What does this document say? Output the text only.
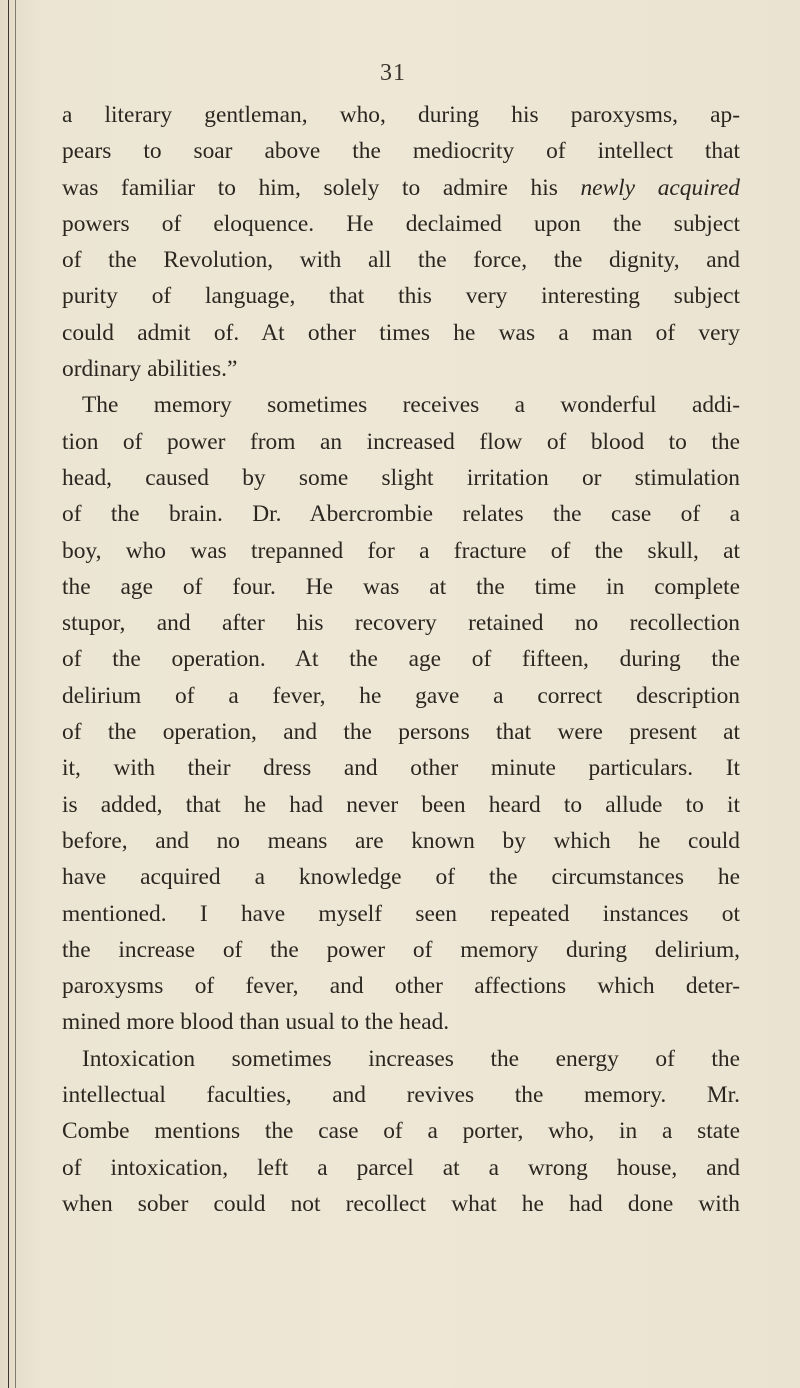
31
a literary gentleman, who, during his paroxysms, ap-
pears to soar above the mediocrity of intellect that
was familiar to him, solely to admire his newly acquired
powers of eloquence. He declaimed upon the subject
of the Revolution, with all the force, the dignity, and
purity of language, that this very interesting subject
could admit of. At other times he was a man of very
ordinary abilities.”
The memory sometimes receives a wonderful addi-
tion of power from an increased flow of blood to the
head, caused by some slight irritation or stimulation
of the brain. Dr. Abercrombie relates the case of a
boy, who was trepanned for a fracture of the skull, at
the age of four. He was at the time in complete
stupor, and after his recovery retained no recollection
of the operation. At the age of fifteen, during the
delirium of a fever, he gave a correct description
of the operation, and the persons that were present at
it, with their dress and other minute particulars. It
is added, that he had never been heard to allude to it
before, and no means are known by which he could
have acquired a knowledge of the circumstances he
mentioned. I have myself seen repeated instances ot
the increase of the power of memory during delirium,
paroxysms of fever, and other affections which deter-
mined more blood than usual to the head.
Intoxication sometimes increases the energy of the
intellectual faculties, and revives the memory. Mr.
Combe mentions the case of a porter, who, in a state
of intoxication, left a parcel at a wrong house, and
when sober could not recollect what he had done with
